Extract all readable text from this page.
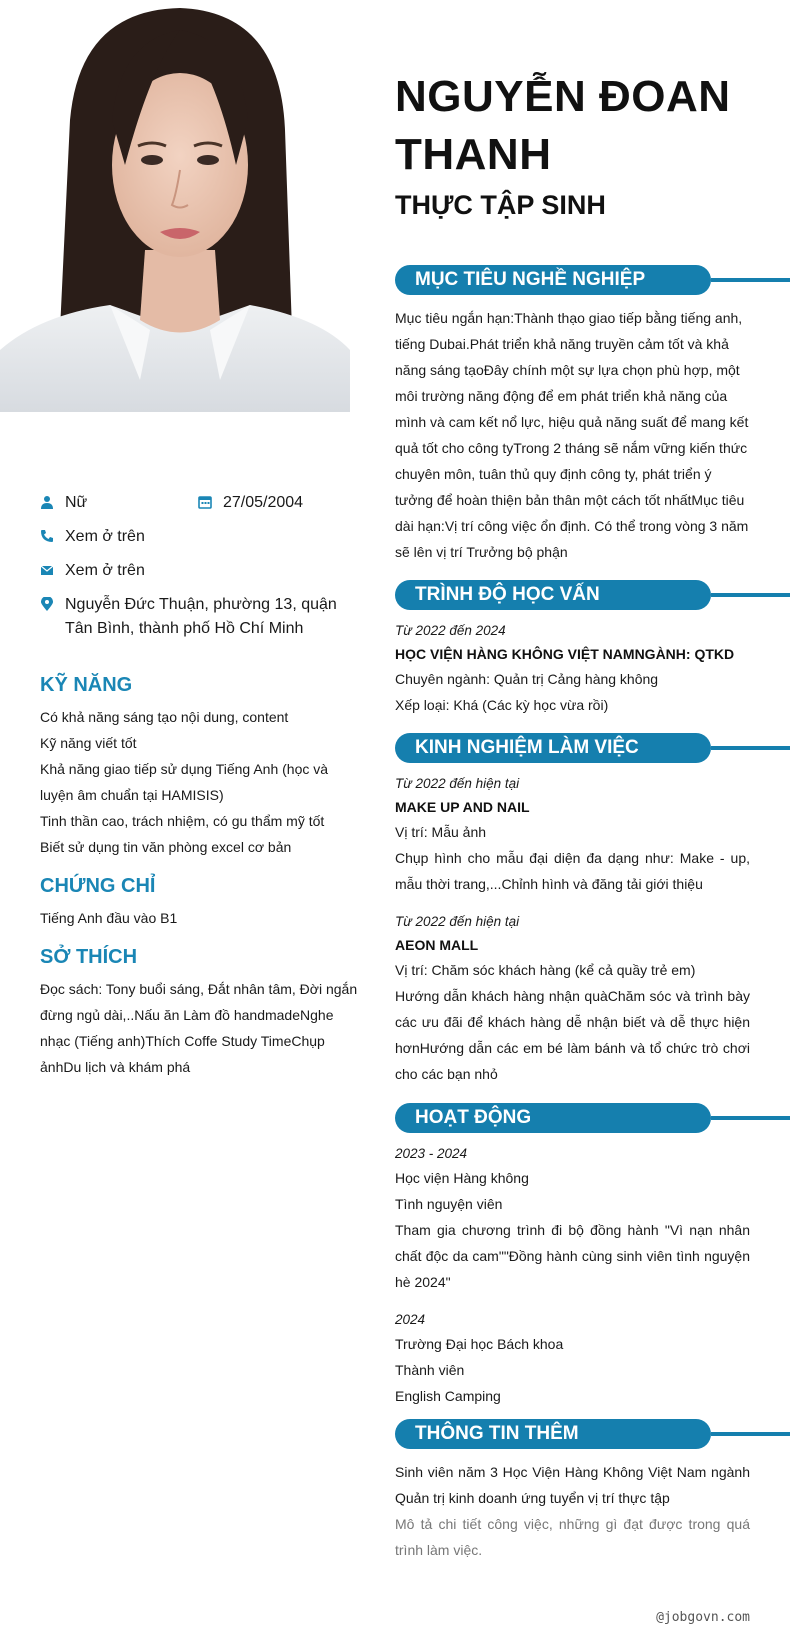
NGUYỄN ĐOAN THANH
THỰC TẬP SINH
Nữ	27/05/2004
Xem ở trên
Xem ở trên
Nguyễn Đức Thuận, phường 13, quận Tân Bình, thành phố Hồ Chí Minh
KỸ NĂNG
Có khả năng sáng tạo nội dung, content
Kỹ năng viết tốt
Khả năng giao tiếp sử dụng Tiếng Anh (học và luyện âm chuẩn tại HAMISIS)
Tinh thần cao, trách nhiệm, có gu thẩm mỹ tốt
Biết sử dụng tin văn phòng excel cơ bản
CHỨNG CHỈ
Tiếng Anh đầu vào B1
SỞ THÍCH
Đọc sách: Tony buổi sáng, Đắt nhân tâm, Đời ngắn đừng ngủ dài,..Nấu ăn Làm đồ handmadeNghe nhạc (Tiếng anh)Thích Coffe Study TimeChụp ảnhDu lịch và khám phá
MỤC TIÊU NGHỀ NGHIỆP

Mục tiêu ngắn hạn:Thành thạo giao tiếp bằng tiếng anh, tiếng Dubai.Phát triển khả năng truyền cảm tốt và khả năng sáng tạoĐây chính một sự lựa chọn phù hợp, một môi trường năng động để em phát triển khả năng của mình và cam kết nổ lực, hiệu quả năng suất để mang kết quả tốt cho công tyTrong 2 tháng sẽ nắm vững kiến thức chuyên môn, tuân thủ quy định công ty, phát triển ý tưởng để hoàn thiện bản thân một cách tốt nhấtMục tiêu dài hạn:Vị trí công việc ổn định. Có thể trong vòng 3 năm sẽ lên vị trí Trưởng bộ phận

TRÌNH ĐỘ HỌC VẤN
Từ 2022 đến 2024
HỌC VIỆN HÀNG KHÔNG VIỆT NAMNGÀNH: QTKD
Chuyên ngành: Quản trị Cảng hàng không
Xếp loại: Khá (Các kỳ học vừa rồi)
KINH NGHIỆM LÀM VIỆC
Từ 2022 đến hiện tại
MAKE UP AND NAIL
Vị trí: Mẫu ảnh
Chụp hình cho mẫu đại diện đa dạng như: Make - up, mẫu thời trang,...Chỉnh hình và đăng tải giới thiệu
Từ 2022 đến hiện tại
AEON MALL
Vị trí: Chăm sóc khách hàng (kể cả quầy trẻ em)
Hướng dẫn khách hàng nhận quàChăm sóc và trình bày các ưu đãi để khách hàng dễ nhận biết và dễ thực hiện hơnHướng dẫn các em bé làm bánh và tổ chức trò chơi cho các bạn nhỏ
HOẠT ĐỘNG
2023 - 2024
Học viện Hàng không
Tình nguyện viên
Tham gia chương trình đi bộ đồng hành "Vì nạn nhân chất độc da cam""Đồng hành cùng sinh viên tình nguyện hè 2024"
2024
Trường Đại học Bách khoa
Thành viên
English Camping
THÔNG TIN THÊM
Sinh viên năm 3 Học Viện Hàng Không Việt Nam ngành Quản trị kinh doanh ứng tuyển vị trí thực tập
Mô tả chi tiết công việc, những gì đạt được trong quá trình làm việc.
@jobgovn.com
